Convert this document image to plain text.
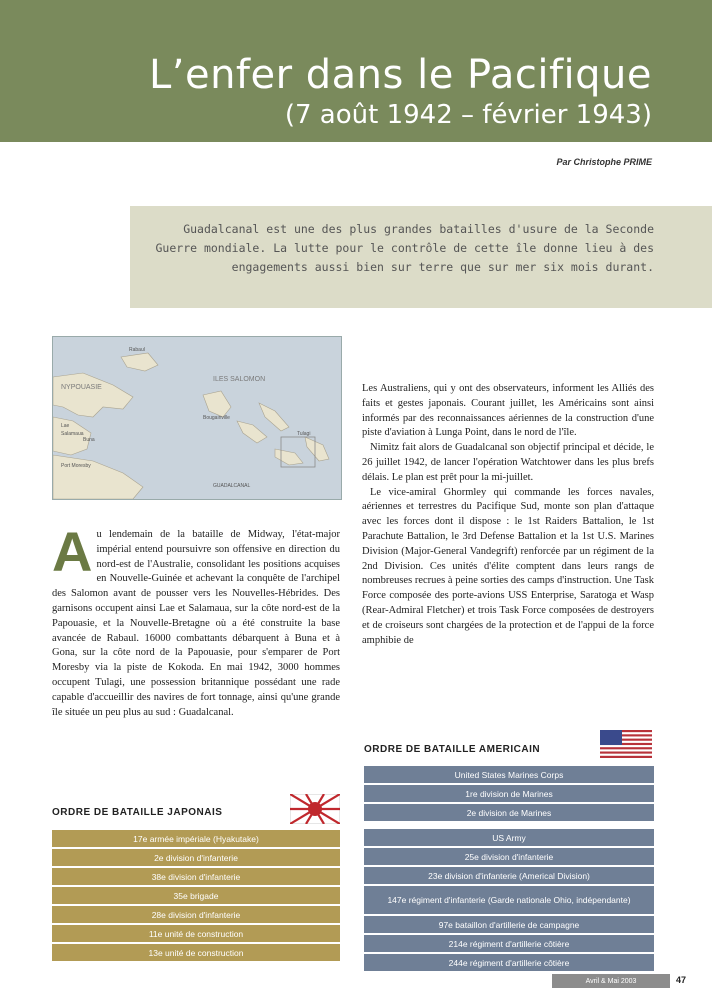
L’enfer dans le Pacifique
(7 août 1942 – février 1943)
Par Christophe PRIME

Guadalcanal est une des plus grandes batailles d'usure de la Seconde Guerre mondiale. La lutte pour le contrôle de cette île donne lieu à des engagements aussi bien sur terre que sur mer six mois durant.

NYPOUASIE
ILES SALOMON
Bougainville
Rabaul
Lae
Salamaua
Buna
Port Moresby
GUADALCANAL
Tulagi

Au lendemain de la bataille de Midway, l'état-major impérial entend poursuivre son offensive en direction du nord-est de l'Australie, consolidant les positions acquises en Nouvelle-Guinée et achevant la conquête de l'archipel des Salomon avant de pousser vers les Nouvelles-Hébrides. Des garnisons occupent ainsi Lae et Salamaua, sur la côte nord-est de la Papouasie, et la Nouvelle-Bretagne où a été construite la base avancée de Rabaul. 16000 combattants débarquent à Buna et à Gona, sur la côte nord de la Papouasie, pour s'emparer de Port Moresby via la piste de Kokoda. En mai 1942, 3000 hommes occupent Tulagi, une possession britannique possédant une rade capable d'accueillir des navires de fort tonnage, ainsi qu'une grande île située un peu plus au sud : Guadalcanal.

Les Australiens, qui y ont des observateurs, informent les Alliés des faits et gestes japonais. Courant juillet, les Américains sont ainsi informés par des reconnaissances aériennes de la construction d'une piste d'aviation à Lunga Point, dans le nord de l'île.

Nimitz fait alors de Guadalcanal son objectif principal et décide, le 26 juillet 1942, de lancer l'opération Watchtower dans les plus brefs délais. Le plan est prêt pour la mi-juillet.

Le vice-amiral Ghormley qui commande les forces navales, aériennes et terrestres du Pacifique Sud, monte son plan d'attaque avec les forces dont il dispose : le 1st Raiders Battalion, le 1st Parachute Battalion, le 3rd Defense Battalion et la 1st U.S. Marines Division (Major-General Vandegrift) renforcée par un régiment de la 2nd Division. Ces unités d'élite comptent dans leurs rangs de nombreuses recrues à peine sorties des camps d'instruction. Une Task Force composée des porte-avions USS Enterprise, Saratoga et Wasp (Rear-Admiral Fletcher) et trois Task Force composées de destroyers et de croiseurs sont chargées de la protection et de l'appui de la force amphibie de

ORDRE DE BATAILLE JAPONAIS
17e armée impériale (Hyakutake)
2e division d'infanterie
38e division d'infanterie
35e brigade
28e division d'infanterie
11e unité de construction
13e unité de construction
ORDRE DE BATAILLE AMERICAIN
United States Marines Corps
1re division de Marines
2e division de Marines
US Army
25e division d'infanterie
23e division d'infanterie (Americal Division)
147e régiment d'infanterie (Garde nationale Ohio, indépendante)
97e bataillon d'artillerie de campagne
214e régiment d'artillerie côtière
244e régiment d'artillerie côtière
Avril & Mai 2003	47
